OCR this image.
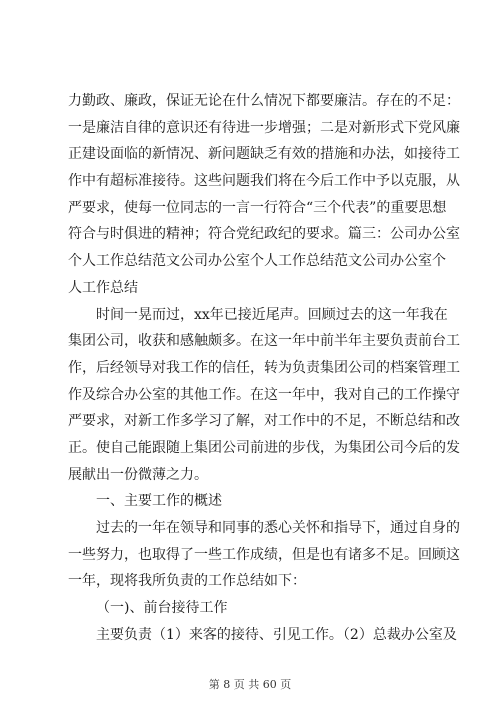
力勤政、廉政，保证无论在什么情况下都要廉洁。存在的不足：
一是廉洁自律的意识还有待进一步增强；二是对新形式下党风廉
正建设面临的新情况、新问题缺乏有效的措施和办法，如接待工
作中有超标准接待。这些问题我们将在今后工作中予以克服，从
严要求，使每一位同志的一言一行符合“三个代表”的重要思想
符合与时俱进的精神；符合党纪政纪的要求。篇三：公司办公室
个人工作总结范文公司办公室个人工作总结范文公司办公室个
人工作总结
时间一晃而过，xx年已接近尾声。回顾过去的这一年我在
集团公司，收获和感触颇多。在这一年中前半年主要负责前台工
作，后经领导对我工作的信任，转为负责集团公司的档案管理工
作及综合办公室的其他工作。在这一年中，我对自己的工作操守
严要求，对新工作多学习了解，对工作中的不足，不断总结和改
正。使自己能跟随上集团公司前进的步伐，为集团公司今后的发
展献出一份微薄之力。
一、主要工作的概述
过去的一年在领导和同事的悉心关怀和指导下，通过自身的
一些努力，也取得了一些工作成绩，但是也有诸多不足。回顾这
一年，现将我所负责的工作总结如下：
（一)、前台接待工作
主要负责（1）来客的接待、引见工作。（2）总裁办公室及
第 8 页 共 60 页
